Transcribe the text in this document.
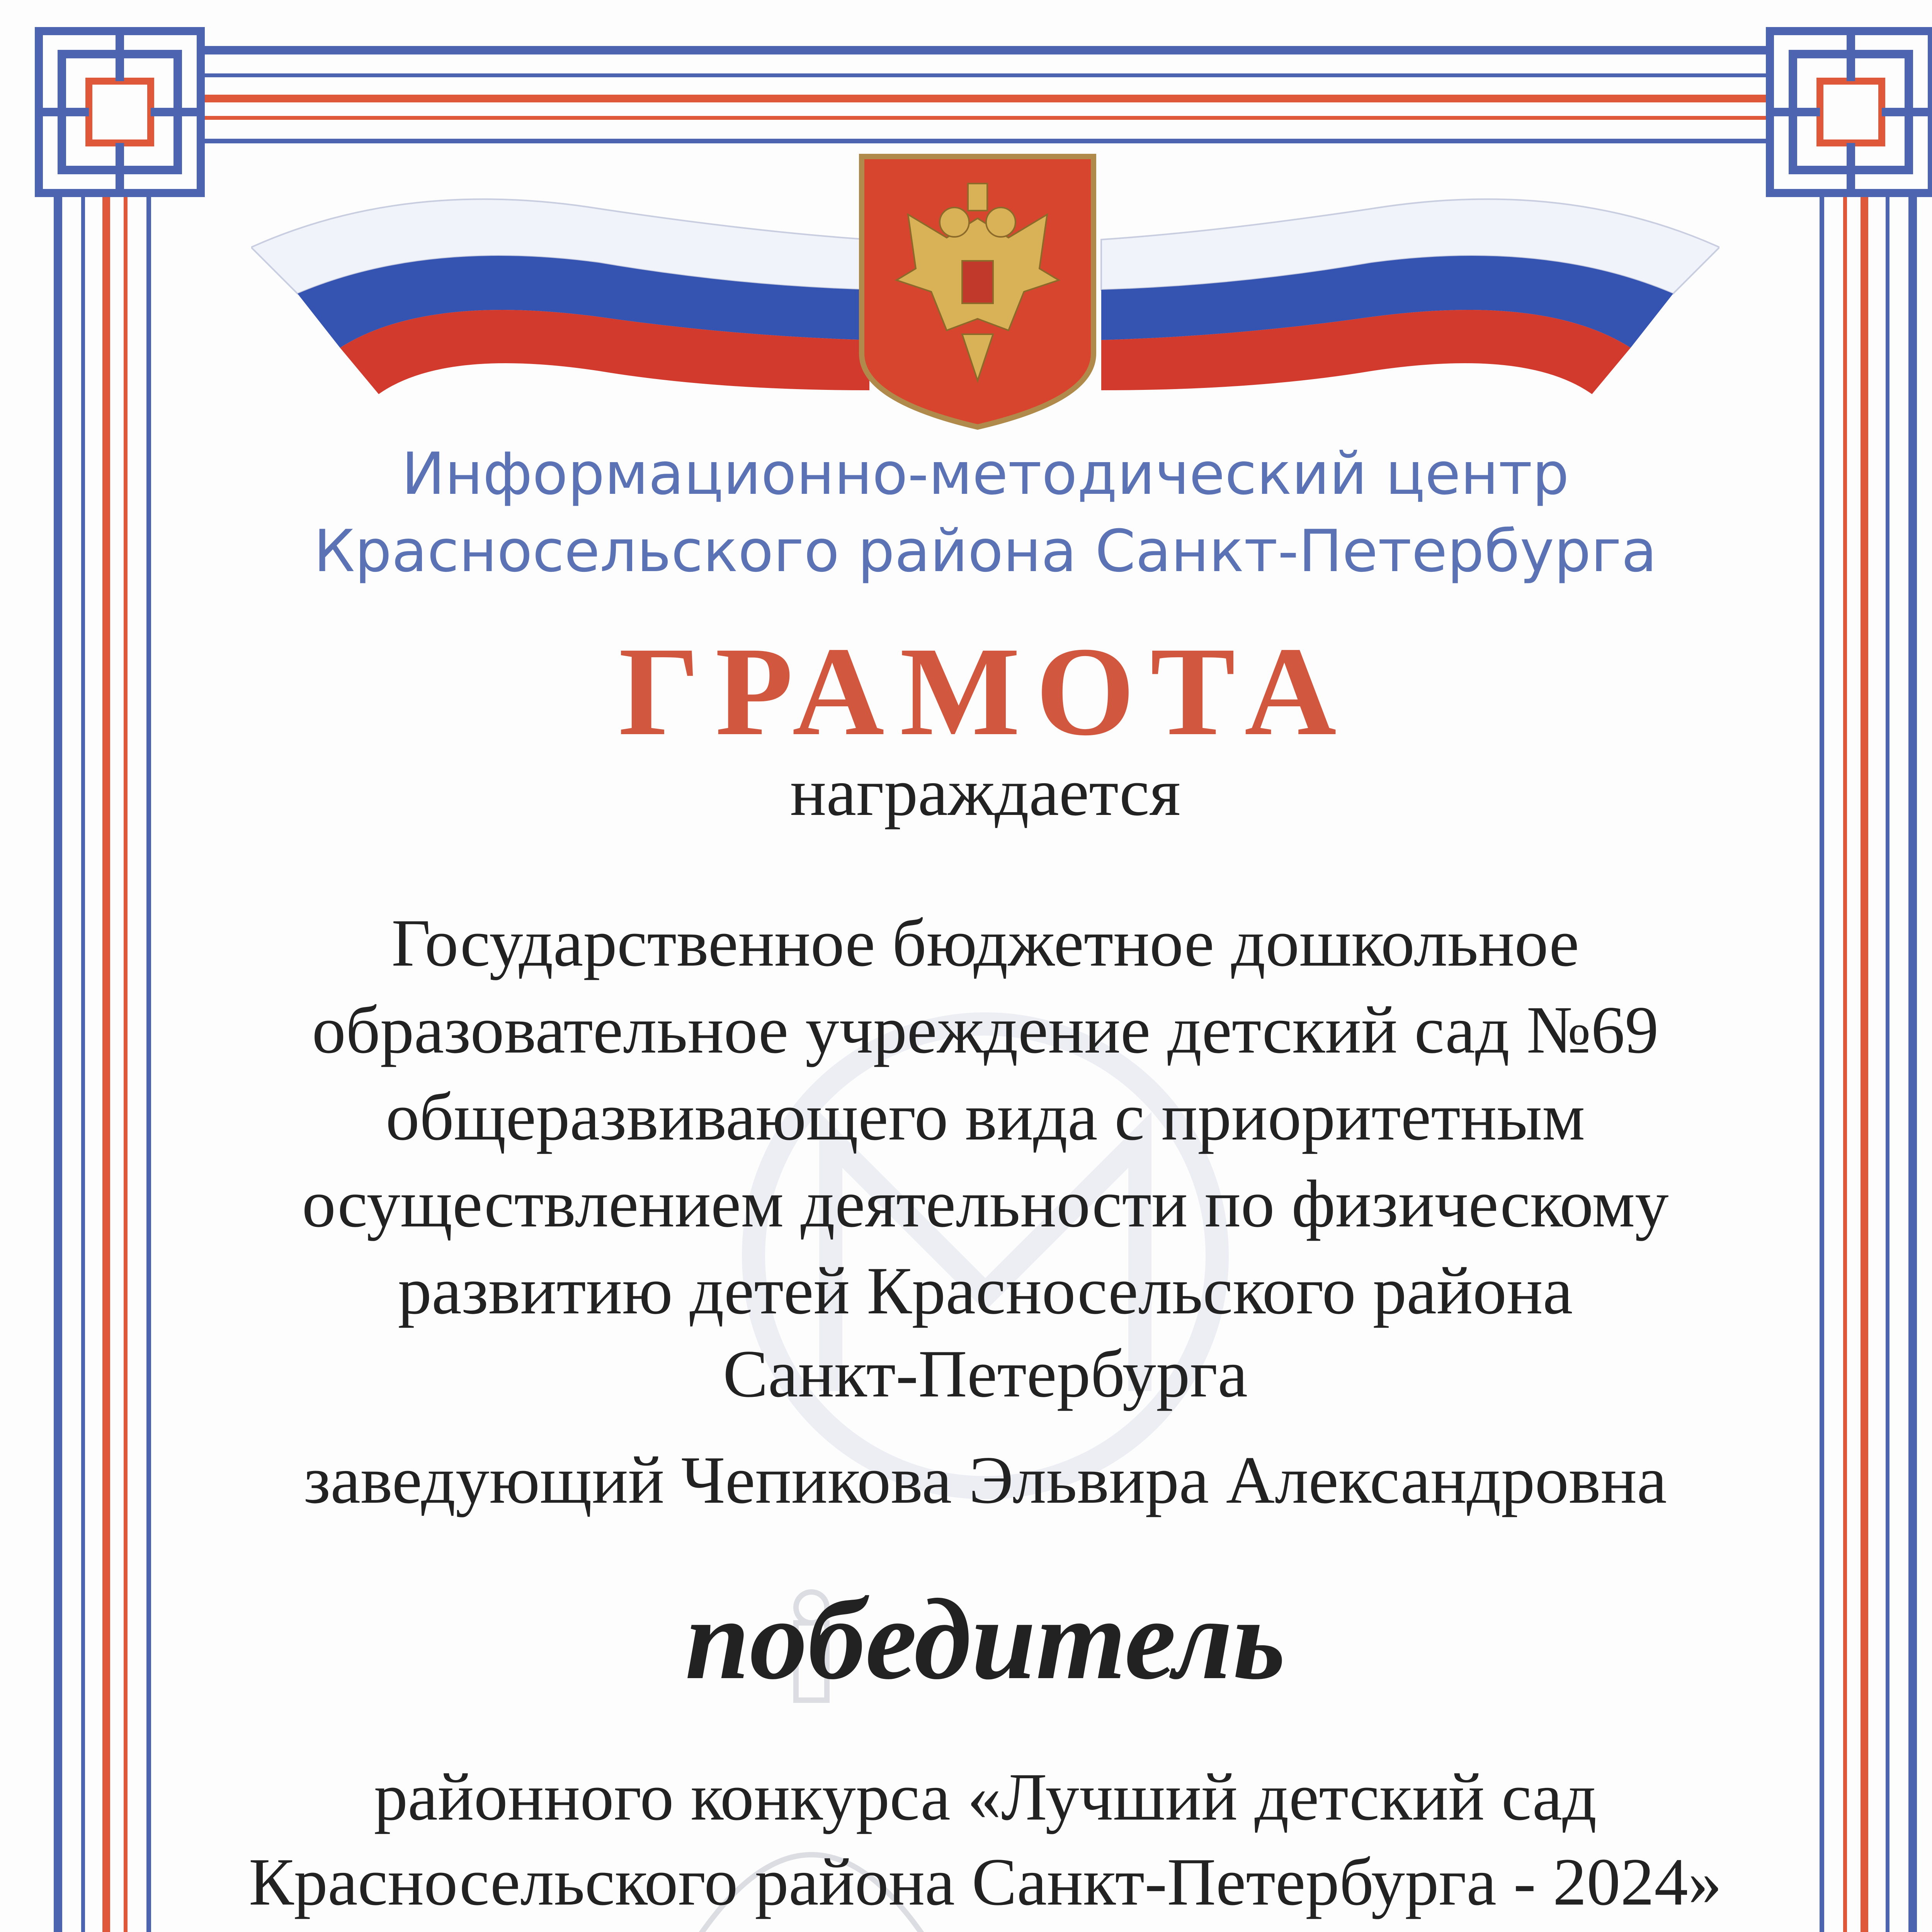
Информационно-методический центр
Красносельского района Санкт-Петербурга
ГРАМОТА
награждается
Государственное бюджетное дошкольное
образовательное учреждение детский сад №69
общеразвивающего вида с приоритетным
осуществлением деятельности по физическому
развитию детей Красносельского района
Санкт-Петербурга
заведующий Чепикова Эльвира Александровна
победитель
районного конкурса «Лучший детский сад
Красносельского района Санкт-Петербурга - 2024»
